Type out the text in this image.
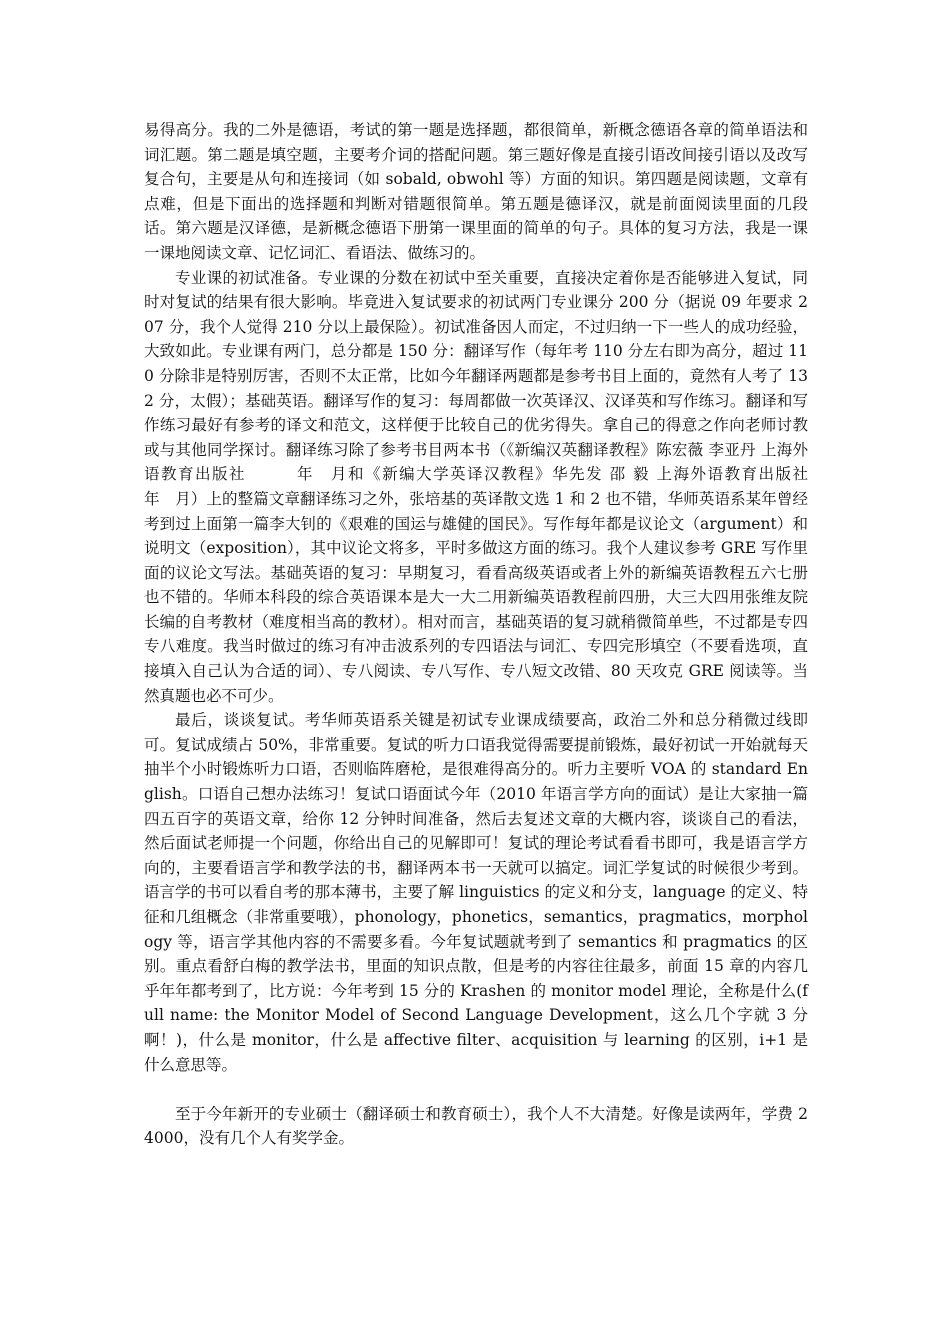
易得高分。我的二外是德语，考试的第一题是选择题，都很简单，新概念德语各章的简单语法和词汇题。第二题是填空题，主要考介词的搭配问题。第三题好像是直接引语改间接引语以及改写复合句，主要是从句和连接词（如 sobald, obwohl 等）方面的知识。第四题是阅读题，文章有点难，但是下面出的选择题和判断对错题很简单。第五题是德译汉，就是前面阅读里面的几段话。第六题是汉译德，是新概念德语下册第一课里面的简单的句子。具体的复习方法，我是一课一课地阅读文章、记忆词汇、看语法、做练习的。

专业课的初试准备。专业课的分数在初试中至关重要，直接决定着你是否能够进入复试，同时对复试的结果有很大影响。毕竟进入复试要求的初试两门专业课分 200 分（据说 09 年要求 207 分，我个人觉得 210 分以上最保险）。初试准备因人而定，不过归纳一下一些人的成功经验，大致如此。专业课有两门，总分都是 150 分：翻译写作（每年考 110 分左右即为高分，超过 110 分除非是特别厉害，否则不太正常，比如今年翻译两题都是参考书目上面的，竟然有人考了 132 分，太假）；基础英语。翻译写作的复习：每周都做一次英译汉、汉译英和写作练习。翻译和写作练习最好有参考的译文和范文，这样便于比较自己的优劣得失。拿自己的得意之作向老师讨教或与其他同学探讨。翻译练习除了参考书目两本书（《新编汉英翻译教程》陈宏薇 李亚丹 上海外语教育出版社　　　年　月和《新编大学英译汉教程》华先发 邵 毅 上海外语教育出版社　　　年　月）上的整篇文章翻译练习之外，张培基的英译散文选 1 和 2 也不错，华师英语系某年曾经考到过上面第一篇李大钊的《艰难的国运与雄健的国民》。写作每年都是议论文（argument）和说明文（exposition），其中议论文将多，平时多做这方面的练习。我个人建议参考 GRE 写作里面的议论文写法。基础英语的复习：早期复习，看看高级英语或者上外的新编英语教程五六七册也不错的。华师本科段的综合英语课本是大一大二用新编英语教程前四册，大三大四用张维友院长编的自考教材（难度相当高的教材）。相对而言，基础英语的复习就稍微简单些，不过都是专四专八难度。我当时做过的练习有冲击波系列的专四语法与词汇、专四完形填空（不要看选项，直接填入自己认为合适的词）、专八阅读、专八写作、专八短文改错、80 天攻克 GRE 阅读等。当然真题也必不可少。

最后，谈谈复试。考华师英语系关键是初试专业课成绩要高，政治二外和总分稍微过线即可。复试成绩占 50%，非常重要。复试的听力口语我觉得需要提前锻炼，最好初试一开始就每天抽半个小时锻炼听力口语，否则临阵磨枪，是很难得高分的。听力主要听 VOA 的 standard English。口语自己想办法练习！复试口语面试今年（2010 年语言学方向的面试）是让大家抽一篇四五百字的英语文章，给你 12 分钟时间准备，然后去复述文章的大概内容，谈谈自己的看法，然后面试老师提一个问题，你给出自己的见解即可！复试的理论考试看看书即可，我是语言学方向的，主要看语言学和教学法的书，翻译两本书一天就可以搞定。词汇学复试的时候很少考到。语言学的书可以看自考的那本薄书，主要了解 linguistics 的定义和分支，language 的定义、特征和几组概念（非常重要哦），phonology，phonetics，semantics，pragmatics，morphology 等，语言学其他内容的不需要多看。今年复试题就考到了 semantics 和 pragmatics 的区别。重点看舒白梅的教学法书，里面的知识点散，但是考的内容往往最多，前面 15 章的内容几乎年年都考到了，比方说：今年考到 15 分的 Krashen 的 monitor model 理论，全称是什么(full name: the Monitor Model of Second Language Development，这么几个字就 3 分啊！)，什么是 monitor，什么是 affective filter、acquisition 与 learning 的区别，i+1 是什么意思等。

至于今年新开的专业硕士（翻译硕士和教育硕士），我个人不大清楚。好像是读两年，学费 24000，没有几个人有奖学金。
